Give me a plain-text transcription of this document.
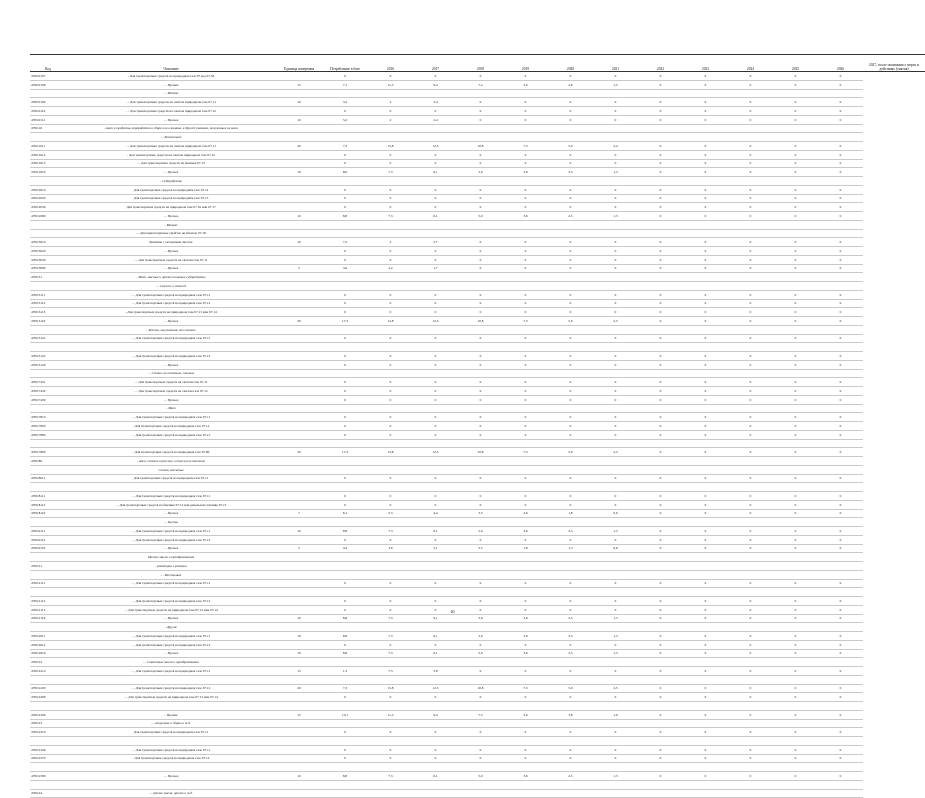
Код	Описание	Единица измерения	Потребление в базе	2016	2017	2018	2019	2020	2021	2022	2023	2024	2025	2026	2027, после окончания о мерах и действиях (снятия)
4700.0107	- Для транспортных средств на природном газе 07 код 07.50		0	0	0	0	0	0	0	0	0	0	0	0	
4700.0108	- - Прочие	15	7,1	11,3	9,4	7,2	5,0	2,6	1,5	0	0	0	0	0	
	- - Молоко														
4700.0109	- - Для транспортных средств на сжатом природном газе 07.11	10	3,2	2	2,4	0	0	0	0	0	0	0	0	0	
4700.0110	- - Для транспортных средств на сжатом природном газе 07.12		0	0	0	0	0	0	0	0	0	0	0	0	
4700.0111	- - Прочее	10	3,2	2	2,4	0	0	0	0	0	0	0	0	0	
4700.16	- мясо и продукты переработки в сборе или в ящиках, в другой упаковке, полученные из мяса														
	- - Бескостное														
4700.1611	- - Для транспортных средств на сжатом природном газе 07.11	20	7,3	15,8	12,5	10,8	7,3	5,0	2,4	0	0	0	0	0	
4700.1612	- Для транспортных средств на сжатом природном газе 07.12		0	0	0	0	0	0	0	0	0	0	0	0	
4700.1613	- - Для транспортных средств на бензине 07.13		0	0	0	0	0	0	0	0	0	0	0	0	
4700.1619	- - Прочее	10	8,0	7,3	6,1	5,0	3,6	2,5	1,3	0	0	0	0	0	
	- Субпродукты														
4700.2010	Для транспортных средств на природном газе 07.14		0	0	0	0	0	0	0	0	0	0	0	0	
4700.2020	Для транспортных средств на природном газе 07.15		0	0	0	0	0	0	0	0	0	0	0	0	
4700.2030	Для транспортных средств на природном газе 07.16 или 07.17		0	0	0	0	0	0	0	0	0	0	0	0	
4700.2090	- - Прочее	10	8,8	7,3	6,1	5,0	3,6	2,5	1,3	0	0	0	0	0	
	- Молоко														
	- - Для транспортных средств на бензине 07.18														
4700.3010	Бензины с октановым числом	10	7,5	2	2,7	0	0	0	0	0	0	0	0	0	
4700.3020	- - Прочее		0	0	0	0	0	0	0	0	0	0	0	0	
4700.3030	- - Для транспортных средств на сжатом газе 07.11		0	0	0	0	0	0	0	0	0	0	0	0	
4700.3090	- - Прочее	5	3,6	2,2	1,7	0	0	0	0	0	0	0	0	0	
4700.31	- Мясо, мясные и прочие пищевые субпродукты														
	- - Свежее и охлажд														
4700.3111	- - Для транспортных средств на природном газе 07.11		0	0	0	0	0	0	0	0	0	0	0	0	
4700.3112	- - Для транспортных средств на природном газе 07.12		0	0	0	0	0	0	0	0	0	0	0	0	
4700.3113	- Для транспортных средств на природном газе 07.13 или 07.14		0	0	0	0	0	0	0	0	0	0	0	0	
4700.3119	- - Прочее	20	17,3	15,8	12,5	10,8	7,3	5,0	2,5	0	0	0	0	0	
	- Копчен, высушенное или соленое														
4700.3121	- - Для транспортных средств на природном газе 07.11		0	0	0	0	0	0	0	0	0	0	0	0	

4700.3122	- - Для транспортных средств на природном газе 07.12		0	0	0	0	0	0	0	0	0	0	0	0	
4700.3129	- - Прочее		0	0	0	0	0	0	0	0	0	0	0	0	
	- - Слизни, не копченые, соленые														
4700.7431	- - Для транспортных средств на сжатом газе 07.11		0	0	0	0	0	0	0	0	0	0	0	0	
4700.7432	- - Для транспортных средств на сжатом газе 07.12		0	0	0	0	0	0	0	0	0	0	0	0	
4700.7439	- - Прочее		0	0	0	0	0	0	0	0	0	0	0	0	
	- Мясо														
4700.7810	- - Для транспортных средств на природном газе 07.11		0	0	0	0	0	0	0	0	0	0	0	0	
4700.7820	- Для транспортных средств на природном газе 07.12		0	0	0	0	0	0	0	0	0	0	0	0	
4700.7890	- - Для транспортных средств на природном газе 07.15		0	0	0	0	0	0	0	0	0	0	0	0	

4700.7890	- Для транспортных средств на природном газе 07.80	20	17,3	15,8	12,5	10,8	7,3	5,0	2,5	0	0	0	0	0	
4700.80	- мясо, соленое в рассоле, в том числе копченое														
	Слизни, копченые														
4700.8011	Для транспортных средств на природном газе 07.11		0	0	0	0	0	0	0	0	0	0	0	0	

4700.8111	- - Для транспортных средств на природном газе 07.11		0	0	0	0	0	0	0	0	0	0	0	0	
4700.8112	- - Для транспортных средств на бензине 07.12 или дизельном топливе 07.13		0	0	0	0	0	0	0	0	0	0	0	0	
4700.8119	- - Прочее	7	6,1	5,3	4,4	3,5	2,6	1,8	0,9	0	0	0	0	0	
	- - Кусты														
4700.9111	- - Для транспортных средств на природном газе 07.11	10	8,8	7,3	6,1	5,0	3,6	2,5	1,3	0	0	0	0	0	
4700.9112	- - Для транспортных средств на природном газе 07.12		0	0	0	0	0	0	0	0	0	0	0	0	
4700.9119	- - Прочее	5	4,4	3,6	3,1	2,5	1,8	1,3	0,6	0	0	0	0	0	
	Прочие масла и преобразования														
4700.21	- реакторы и реакции														
	- - Рассольные														
4700.2111	- - Для транспортных средств на природном газе 07.11		0	0	0	0	0	0	0	0	0	0	0	0	

4700.2112	- - Для транспортных средств на природном газе 07.12		0	0	0	0	0	0	0	0	0	0	0	0	
4700.2113	- - Для транспортных средств на природном газе 07.13 или 07.14		0	0	0	0	0	0	0	0	0	0	0	0	
4700.2119	- - Прочее	10	8,8	7,3	6,1	5,0	3,6	2,5	1,3	0	0	0	0	0	
	- Другие														
4700.2911	- - Для транспортных средств на природном газе 07.11	10	8,8	7,3	6,1	5,0	3,6	2,5	1,3	0	0	0	0	0	
4700.2912	- - Для транспортных средств на природном газе 07.12		0	0	0	0	0	0	0	0	0	0	0	0	
4700.2919	- - Прочее	10	8,8	7,3	6,1	5,0	3,6	2,5	1,3	0	0	0	0	0	
4700.22	- - Смазочные масла и преобразования														
4700.2210	- - Для транспортных средств на природном газе 07.11	15	1,3	7,3	5,8	0	0	0	0	0	0	0	0	0	

4700.2220	- - Для транспортных средств на природном газе 07.12	20	7,3	15,8	12,5	10,8	7,3	5,0	2,5	0	0	0	0	0	
4700.2290	- - Для транспортных средств на природном газе 07.13 или 07.14		0	0	0	0	0	0	0	0	0	0	0	0	

4700.2300	- Прочие	15	13,1	11,3	9,4	7,5	5,6	3,8	1,9	0	0	0	0	0	
4700.23	- - вещества и сборы и т.д.														
4700.2310	Для транспортных средств на природном газе 07.11		0	0	0	0	0	0	0	0	0	0	0	0	

4700.2340	- - Для транспортных средств на природном газе 07.11		0	0	0	0	0	0	0	0	0	0	0	0	
4700.2370	- Для транспортных средств на природном газе 07.12		0	0	0	0	0	0	0	0	0	0	0	0	

4700.2390	- - Прочее	10	8,8	7,3	6,1	5,0	3,6	2,5	1,3	0	0	0	0	0	

4700.24	- - прочие масла, прочее и т.д.														
40
